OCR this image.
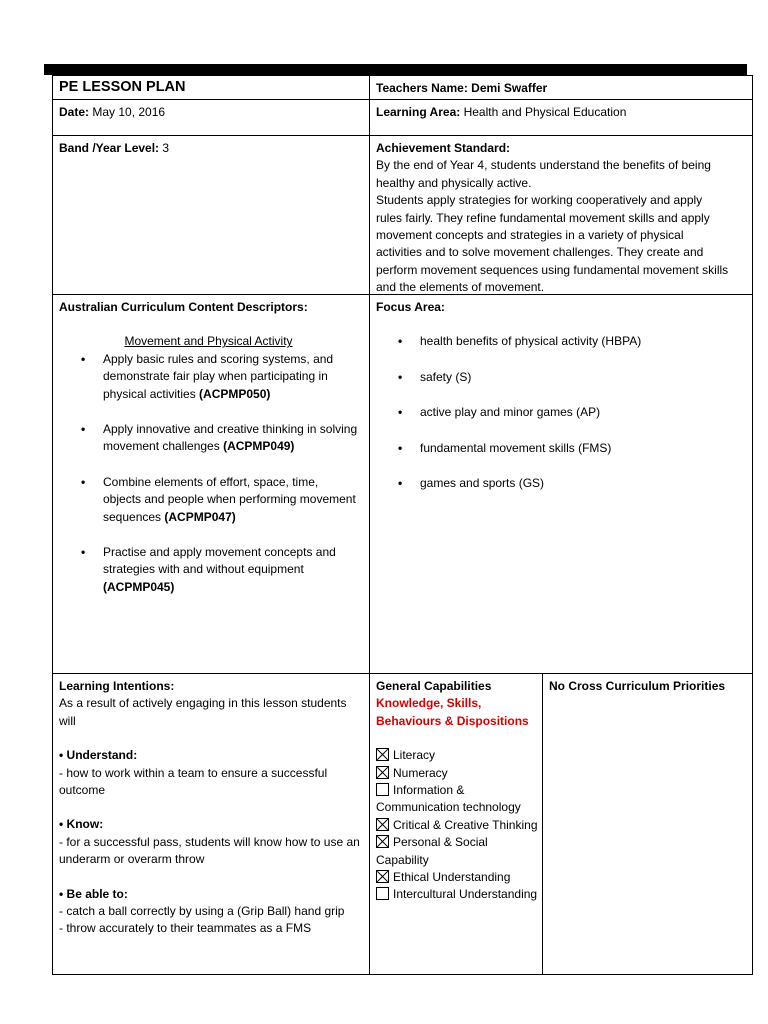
PE LESSON PLAN	Teachers Name: Demi Swaffer
Date: May 10, 2016	Learning Area: Health and Physical Education
Band /Year Level: 3	Achievement Standard:
By the end of Year 4, students understand the benefits of being healthy and physically active.
Students apply strategies for working cooperatively and apply rules fairly. They refine fundamental movement skills and apply movement concepts and strategies in a variety of physical activities and to solve movement challenges. They create and perform movement sequences using fundamental movement skills and the elements of movement.
Australian Curriculum Content Descriptors:
Movement and Physical Activity
• Apply basic rules and scoring systems, and demonstrate fair play when participating in physical activities (ACPMP050)
• Apply innovative and creative thinking in solving movement challenges (ACPMP049)
• Combine elements of effort, space, time, objects and people when performing movement sequences (ACPMP047)
• Practise and apply movement concepts and strategies with and without equipment (ACPMP045)
Focus Area:
• health benefits of physical activity (HBPA)
• safety (S)
• active play and minor games (AP)
• fundamental movement skills (FMS)
• games and sports (GS)
Learning Intentions:
As a result of actively engaging in this lesson students will
• Understand:
- how to work within a team to ensure a successful outcome
• Know:
- for a successful pass, students will know how to use an underarm or overarm throw
• Be able to:
- catch a ball correctly by using a (Grip Ball) hand grip
- throw accurately to their teammates as a FMS
General Capabilities
Knowledge, Skills, Behaviours & Dispositions
Literacy
Numeracy
Information & Communication technology
Critical & Creative Thinking
Personal & Social Capability
Ethical Understanding
Intercultural Understanding
No Cross Curriculum Priorities
